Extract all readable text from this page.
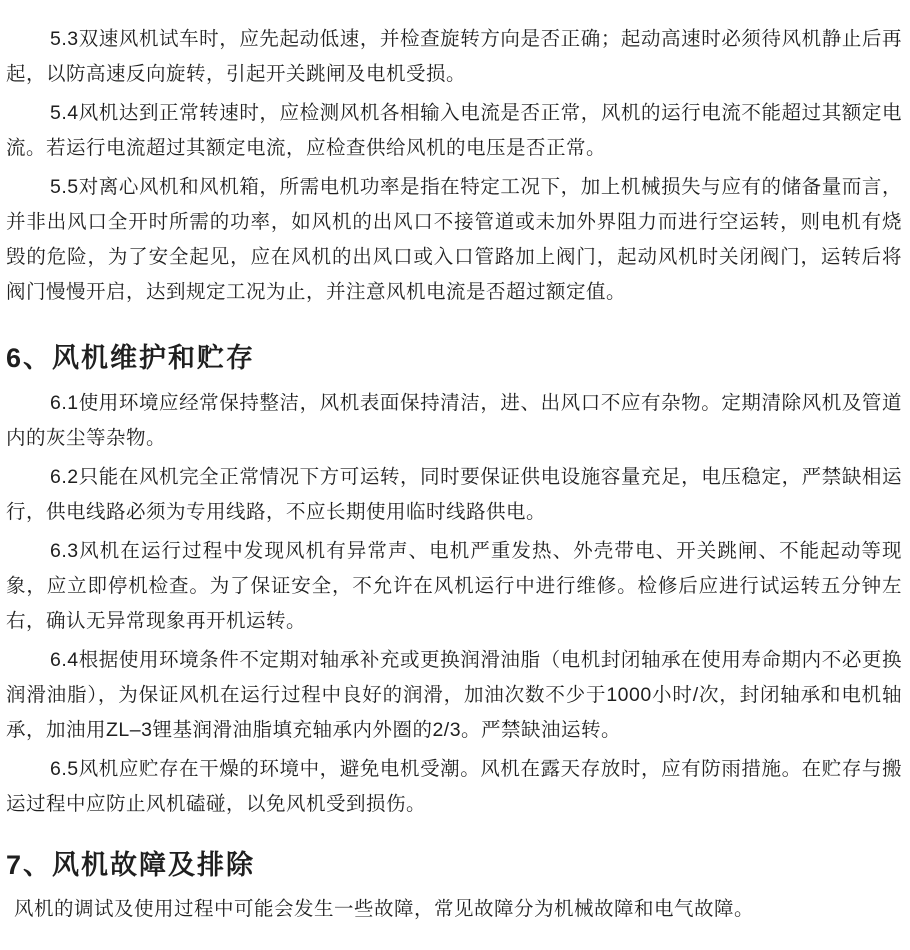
5.3双速风机试车时，应先起动低速，并检查旋转方向是否正确；起动高速时必须待风机静止后再起，以防高速反向旋转，引起开关跳闸及电机受损。

5.4风机达到正常转速时，应检测风机各相输入电流是否正常，风机的运行电流不能超过其额定电流。若运行电流超过其额定电流，应检查供给风机的电压是否正常。

5.5对离心风机和风机箱，所需电机功率是指在特定工况下，加上机械损失与应有的储备量而言，并非出风口全开时所需的功率，如风机的出风口不接管道或未加外界阻力而进行空运转，则电机有烧毁的危险，为了安全起见，应在风机的出风口或入口管路加上阀门，起动风机时关闭阀门，运转后将阀门慢慢开启，达到规定工况为止，并注意风机电流是否超过额定值。

6、风机维护和贮存

6.1使用环境应经常保持整洁，风机表面保持清洁，进、出风口不应有杂物。定期清除风机及管道内的灰尘等杂物。

6.2只能在风机完全正常情况下方可运转，同时要保证供电设施容量充足，电压稳定，严禁缺相运行，供电线路必须为专用线路，不应长期使用临时线路供电。

6.3风机在运行过程中发现风机有异常声、电机严重发热、外壳带电、开关跳闸、不能起动等现象，应立即停机检查。为了保证安全，不允许在风机运行中进行维修。检修后应进行试运转五分钟左右，确认无异常现象再开机运转。

6.4根据使用环境条件不定期对轴承补充或更换润滑油脂（电机封闭轴承在使用寿命期内不必更换润滑油脂），为保证风机在运行过程中良好的润滑，加油次数不少于1000小时/次，封闭轴承和电机轴承，加油用ZL–3锂基润滑油脂填充轴承内外圈的2/3。严禁缺油运转。

6.5风机应贮存在干燥的环境中，避免电机受潮。风机在露天存放时，应有防雨措施。在贮存与搬运过程中应防止风机磕碰，以免风机受到损伤。

7、风机故障及排除

风机的调试及使用过程中可能会发生一些故障，常见故障分为机械故障和电气故障。
